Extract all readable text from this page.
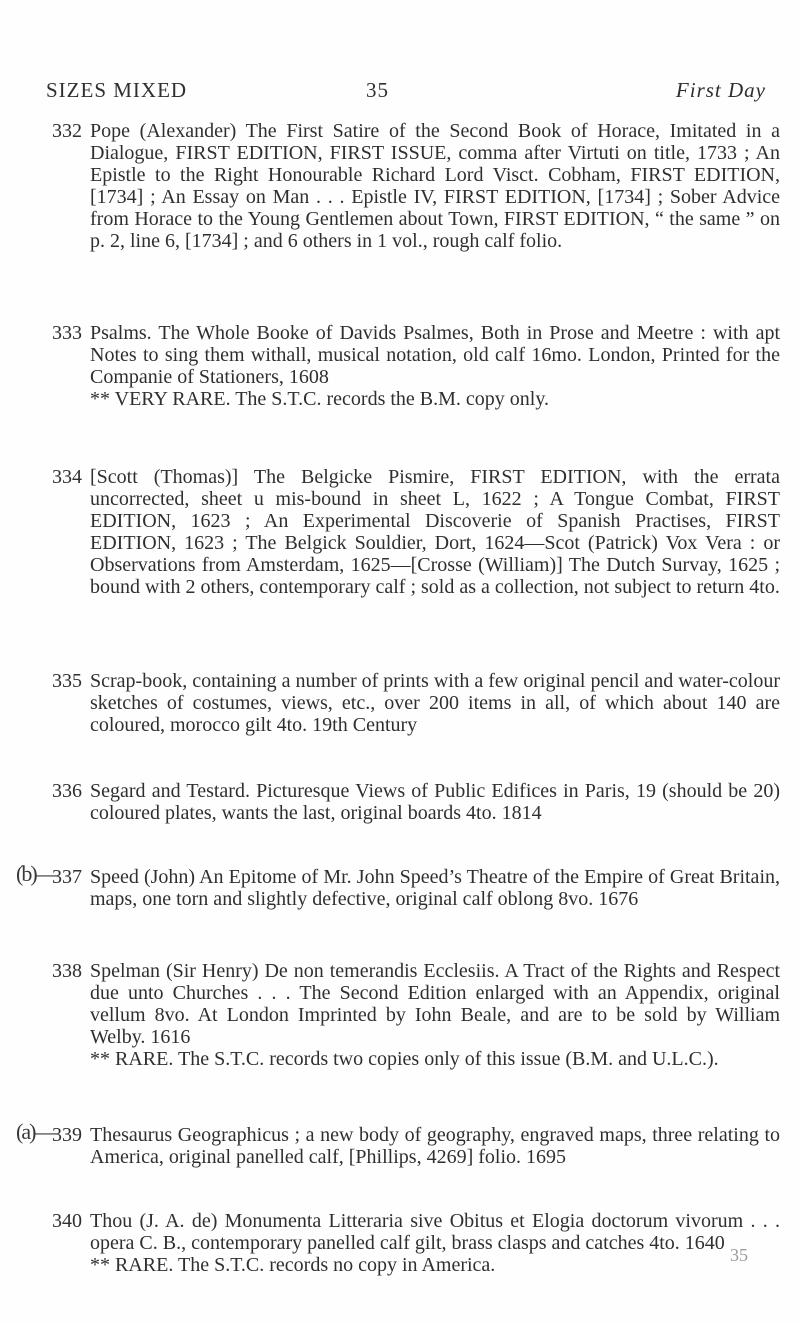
SIZES MIXED	35	First Day
332 Pope (Alexander) The First Satire of the Second Book of Horace, Imitated in a Dialogue, FIRST EDITION, FIRST ISSUE, comma after Virtuti on title, 1733 ; An Epistle to the Right Honourable Richard Lord Visct. Cobham, FIRST EDITION, [1734] ; An Essay on Man . . . Epistle IV, FIRST EDITION, [1734] ; Sober Advice from Horace to the Young Gentlemen about Town, FIRST EDITION, “ the same ” on p. 2, line 6, [1734] ; and 6 others in 1 vol., rough calf folio.

333 Psalms. The Whole Booke of Davids Psalmes, Both in Prose and Meetre : with apt Notes to sing them withall, musical notation, old calf 16mo. London, Printed for the Companie of Stationers, 1608

** VERY RARE. The S.T.C. records the B.M. copy only.

334 [Scott (Thomas)] The Belgicke Pismire, FIRST EDITION, with the errata uncorrected, sheet u mis-bound in sheet L, 1622 ; A Tongue Combat, FIRST EDITION, 1623 ; An Experimental Discoverie of Spanish Practises, FIRST EDITION, 1623 ; The Belgick Souldier, Dort, 1624—Scot (Patrick) Vox Vera : or Observations from Amsterdam, 1625—[Crosse (William)] The Dutch Survay, 1625 ; bound with 2 others, contemporary calf ; sold as a collection, not subject to return 4to.

335 Scrap-book, containing a number of prints with a few original pencil and water-colour sketches of costumes, views, etc., over 200 items in all, of which about 140 are coloured, morocco gilt 4to. 19th Century

336 Segard and Testard. Picturesque Views of Public Edifices in Paris, 19 (should be 20) coloured plates, wants the last, original boards 4to. 1814

(b)—
337 Speed (John) An Epitome of Mr. John Speed’s Theatre of the Empire of Great Britain, maps, one torn and slightly defective, original calf oblong 8vo. 1676

338 Spelman (Sir Henry) De non temerandis Ecclesiis. A Tract of the Rights and Respect due unto Churches . . . The Second Edition enlarged with an Appendix, original vellum 8vo. At London Imprinted by Iohn Beale, and are to be sold by William Welby. 1616

** RARE. The S.T.C. records two copies only of this issue (B.M. and U.L.C.).

(a)—
339 Thesaurus Geographicus ; a new body of geography, engraved maps, three relating to America, original panelled calf, [Phillips, 4269] folio. 1695

340 Thou (J. A. de) Monumenta Litteraria sive Obitus et Elogia doctorum vivorum . . . opera C. B., contemporary panelled calf gilt, brass clasps and catches 4to. 1640

** RARE. The S.T.C. records no copy in America.	35
